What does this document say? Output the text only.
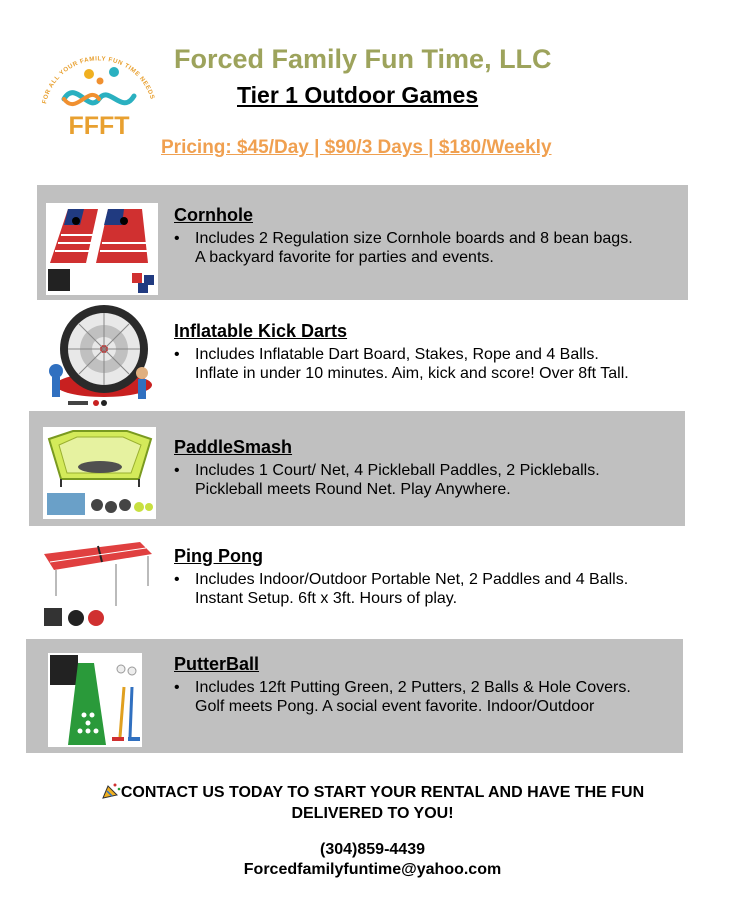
FOR ALL YOUR FAMILY FUN TIME NEEDS
FFFT
Forced Family Fun Time, LLC
Tier 1 Outdoor Games
Pricing: $45/Day | $90/3 Days | $180/Weekly
Cornhole
• Includes 2 Regulation size Cornhole boards and 8 bean bags.
A backyard favorite for parties and events.
Inflatable Kick Darts
• Includes Inflatable Dart Board, Stakes, Rope and 4 Balls.
Inflate in under 10 minutes. Aim, kick and score! Over 8ft Tall.
PaddleSmash
• Includes 1 Court/ Net, 4 Pickleball Paddles, 2 Pickleballs.
Pickleball meets Round Net. Play Anywhere.
Ping Pong
• Includes Indoor/Outdoor Portable Net, 2 Paddles and 4 Balls.
Instant Setup. 6ft x 3ft. Hours of play.
PutterBall
• Includes 12ft Putting Green, 2 Putters, 2 Balls & Hole Covers.
Golf meets Pong. A social event favorite. Indoor/Outdoor
CONTACT US TODAY TO START YOUR RENTAL AND HAVE THE FUN
DELIVERED TO YOU!
(304)859-4439
Forcedfamilyfuntime@yahoo.com
